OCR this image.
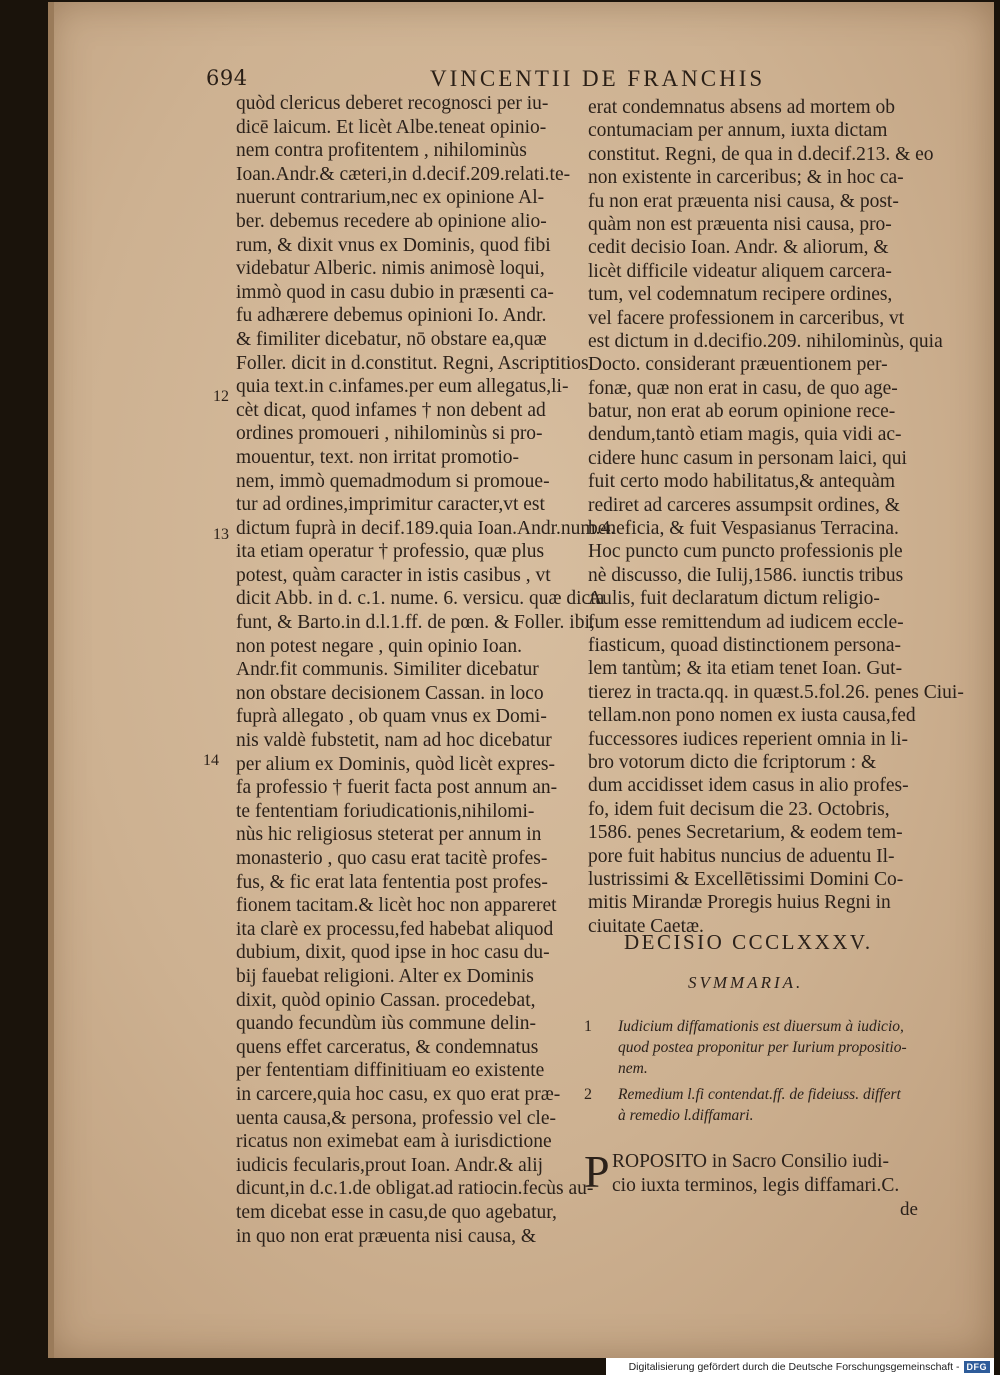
694	VINCENTII DE FRANCHIS
quòd clericus deberet recognosci per iu-
dicē laicum. Et licèt Albe.teneat opinio-
nem contra profitentem , nihilominùs
Ioan.Andr.& cæteri,in d.decif.209.relati.te-
nuerunt contrarium,nec ex opinione Al-
ber. debemus recedere ab opinione alio-
rum, & dixit vnus ex Dominis, quod fibi
videbatur Alberic. nimis animosè loqui,
immò quod in casu dubio in præsenti ca-
fu adhærere debemus opinioni Io. Andr.
& fimiliter dicebatur, nō obstare ea,quæ
Foller. dicit in d.constitut. Regni, Ascriptitios.
quia text.in c.infames.per eum allegatus,li-
cèt dicat, quod infames † non debent ad
ordines promoueri , nihilominùs si pro-
mouentur, text. non irritat promotio-
nem, immò quemadmodum si promoue-
tur ad ordines,imprimitur caracter,vt est
dictum fuprà in decif.189.quia Ioan.Andr.num.4.
ita etiam operatur † professio, quæ plus
potest, quàm caracter in istis casibus , vt
dicit Abb. in d. c.1. nume. 6. versicu. quæ dicta
funt, & Barto.in d.l.1.ff. de pœn. & Foller. ibi,
non potest negare , quin opinio Ioan.
Andr.fit communis. Similiter dicebatur
non obstare decisionem Cassan. in loco
fuprà allegato , ob quam vnus ex Domi-
nis valdè fubstetit, nam ad hoc dicebatur
per alium ex Dominis, quòd licèt expres-
fa professio † fuerit facta post annum an-
te fententiam foriudicationis,nihilomi-
nùs hic religiosus steterat per annum in
monasterio , quo casu erat tacitè profes-
fus, & fic erat lata fententia post profes-
fionem tacitam.& licèt hoc non appareret
ita clarè ex processu,fed habebat aliquod
dubium, dixit, quod ipse in hoc casu du-
bij fauebat religioni. Alter ex Dominis
dixit, quòd opinio Cassan. procedebat,
quando fecundùm iùs commune delin-
quens effet carceratus, & condemnatus
per fententiam diffinitiuam eo existente
in carcere,quia hoc casu, ex quo erat præ-
uenta causa,& persona, professio vel cle-
ricatus non eximebat eam à iurisdictione
iudicis fecularis,prout Ioan. Andr.& alij
dicunt,in d.c.1.de obligat.ad ratiocin.fecùs au-
tem dicebat esse in casu,de quo agebatur,
in quo non erat præuenta nisi causa, &
12
13
14
erat condemnatus absens ad mortem ob
contumaciam per annum, iuxta dictam
constitut. Regni, de qua in d.decif.213. & eo
non existente in carceribus; & in hoc ca-
fu non erat præuenta nisi causa, & post-
quàm non est præuenta nisi causa, pro-
cedit decisio Ioan. Andr. & aliorum, &
licèt difficile videatur aliquem carcera-
tum, vel codemnatum recipere ordines,
vel facere professionem in carceribus, vt
est dictum in d.decifio.209. nihilominùs, quia
Docto. considerant præuentionem per-
fonæ, quæ non erat in casu, de quo age-
batur, non erat ab eorum opinione rece-
dendum,tantò etiam magis, quia vidi ac-
cidere hunc casum in personam laici, qui
fuit certo modo habilitatus,& antequàm
rediret ad carceres assumpsit ordines, &
beneficia, & fuit Vespasianus Terracina.
Hoc puncto cum puncto professionis ple
nè discusso, die Iulij,1586. iunctis tribus
Aulis, fuit declaratum dictum religio-
fum esse remittendum ad iudicem eccle-
fiasticum, quoad distinctionem persona-
lem tantùm; & ita etiam tenet Ioan. Gut-
tierez in tracta.qq. in quæst.5.fol.26. penes Ciui-
tellam.non pono nomen ex iusta causa,fed
fuccessores iudices reperient omnia in li-
bro votorum dicto die fcriptorum : &
dum accidisset idem casus in alio profes-
fo, idem fuit decisum die 23. Octobris,
1586. penes Secretarium, & eodem tem-
pore fuit habitus nuncius de aduentu Il-
lustrissimi & Excellētissimi Domini Co-
mitis Mirandæ Proregis huius Regni in
ciuitate Caetæ.
DECISIO CCCLXXXV.
SVMMARIA.
1 Iudicium diffamationis est diuersum à iudicio,
quod postea proponitur per Iurium propositio-
nem.
2 Remedium l.fi contendat.ff. de fideiuss. differt
à remedio l.diffamari.
P ROPOSITO in Sacro Consilio iudi-
cio iuxta terminos, legis diffamari.C.
de
Digitalisierung gefördert durch die Deutsche Forschungsgemeinschaft - DFG
